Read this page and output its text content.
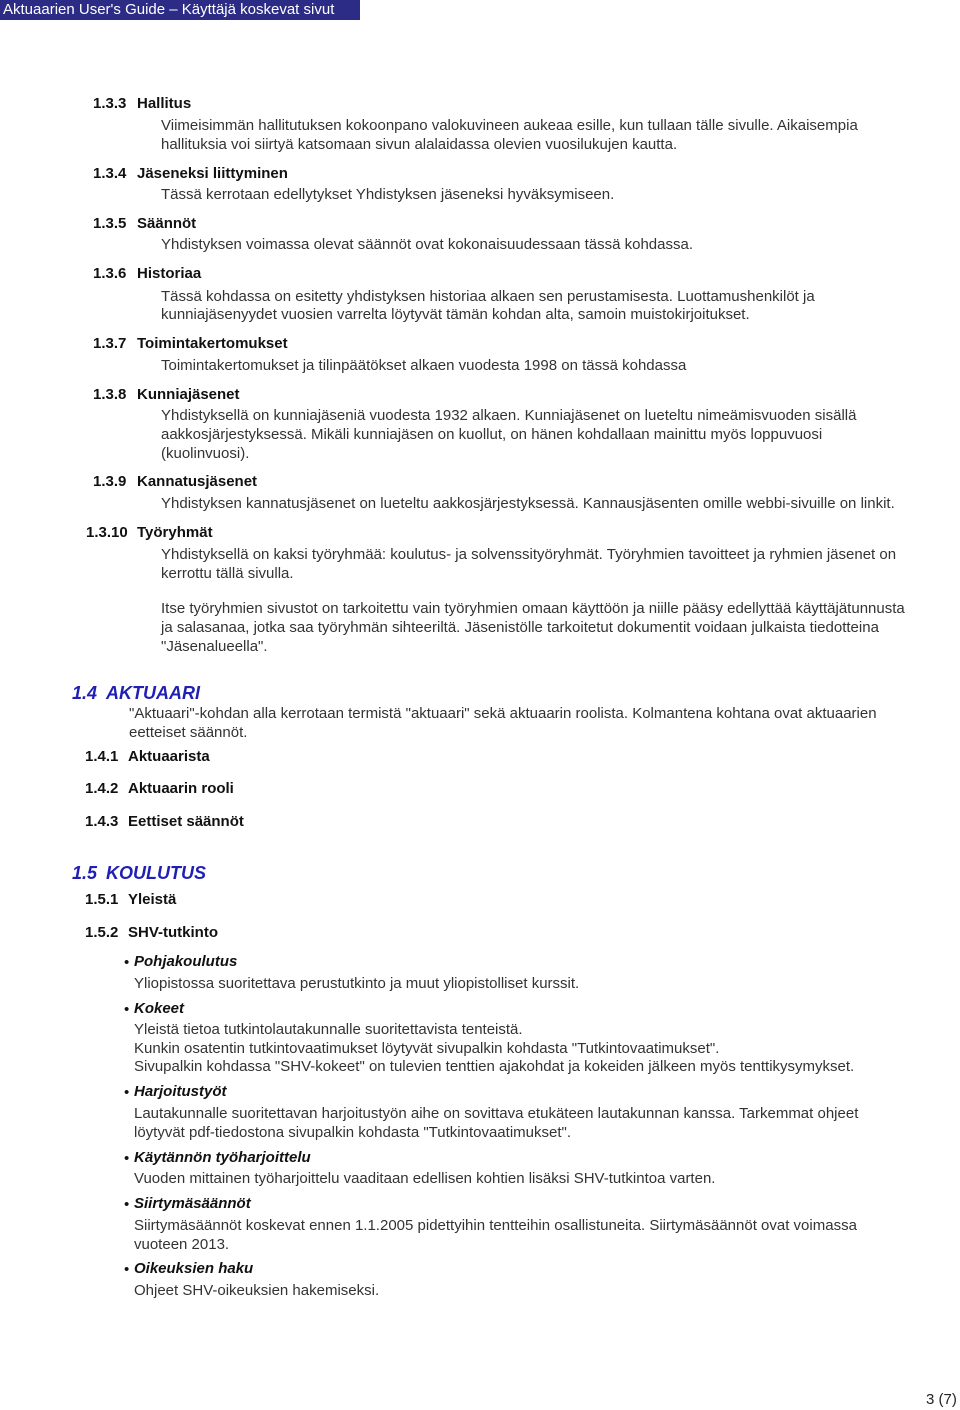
Aktuaarien User's Guide – Käyttäjä koskevat sivut
1.3.3 Hallitus
Viimeisimmän hallitutuksen kokoonpano valokuvineen aukeaa esille, kun tullaan tälle sivulle. Aikaisempia
hallituksia voi siirtyä katsomaan sivun alalaidassa olevien vuosilukujen kautta.
1.3.4 Jäseneksi liittyminen
Tässä kerrotaan edellytykset Yhdistyksen jäseneksi hyväksymiseen.
1.3.5 Säännöt
Yhdistyksen voimassa olevat säännöt ovat kokonaisuudessaan tässä kohdassa.
1.3.6 Historiaa
Tässä kohdassa on esitetty yhdistyksen historiaa alkaen sen perustamisesta. Luottamushenkilöt ja
kunniajäsenyydet vuosien varrelta löytyvät tämän kohdan alta, samoin muistokirjoitukset.
1.3.7 Toimintakertomukset
Toimintakertomukset ja tilinpäätökset alkaen vuodesta 1998 on tässä kohdassa
1.3.8 Kunniajäsenet
Yhdistyksellä on kunniajäseniä vuodesta 1932 alkaen. Kunniajäsenet on lueteltu nimeämisvuoden sisällä
aakkosjärjestyksessä. Mikäli kunniajäsen on kuollut, on hänen kohdallaan mainittu myös loppuvuosi
(kuolinvuosi).
1.3.9 Kannatusjäsenet
Yhdistyksen kannatusjäsenet on lueteltu aakkosjärjestyksessä. Kannausjäsenten omille webbi-sivuille on linkit.
1.3.10 Työryhmät
Yhdistyksellä on kaksi työryhmää: koulutus- ja solvenssityöryhmät. Työryhmien tavoitteet ja ryhmien jäsenet on
kerrottu tällä sivulla.
Itse työryhmien sivustot on tarkoitettu vain työryhmien omaan käyttöön ja niille pääsy edellyttää käyttäjätunnusta
ja salasanaa, jotka saa työryhmän sihteeriltä. Jäsenistölle tarkoitetut dokumentit voidaan julkaista tiedotteina
"Jäsenalueella".
1.4 AKTUAARI
"Aktuaari"-kohdan alla kerrotaan termistä "aktuaari" sekä aktuaarin roolista. Kolmantena kohtana ovat aktuaarien
eetteiset säännöt.
1.4.1 Aktuaarista
1.4.2 Aktuaarin rooli
1.4.3 Eettiset säännöt
1.5 KOULUTUS
1.5.1 Yleistä
1.5.2 SHV-tutkinto
• Pohjakoulutus
Yliopistossa suoritettava perustutkinto ja muut yliopistolliset kurssit.
• Kokeet
Yleistä tietoa tutkintolautakunnalle suoritettavista tenteistä.
Kunkin osatentin tutkintovaatimukset löytyvät sivupalkin kohdasta "Tutkintovaatimukset".
Sivupalkin kohdassa "SHV-kokeet" on tulevien tenttien ajakohdat ja kokeiden jälkeen myös tenttikysymykset.
• Harjoitustyöt
Lautakunnalle suoritettavan harjoitustyön aihe on sovittava etukäteen lautakunnan kanssa. Tarkemmat ohjeet
löytyvät pdf-tiedostona sivupalkin kohdasta "Tutkintovaatimukset".
• Käytännön työharjoittelu
Vuoden mittainen työharjoittelu vaaditaan edellisen kohtien lisäksi SHV-tutkintoa varten.
• Siirtymäsäännöt
Siirtymäsäännöt koskevat ennen 1.1.2005 pidettyihin tentteihin osallistuneita. Siirtymäsäännöt ovat voimassa
vuoteen 2013.
• Oikeuksien haku
Ohjeet SHV-oikeuksien hakemiseksi.
3 (7)
